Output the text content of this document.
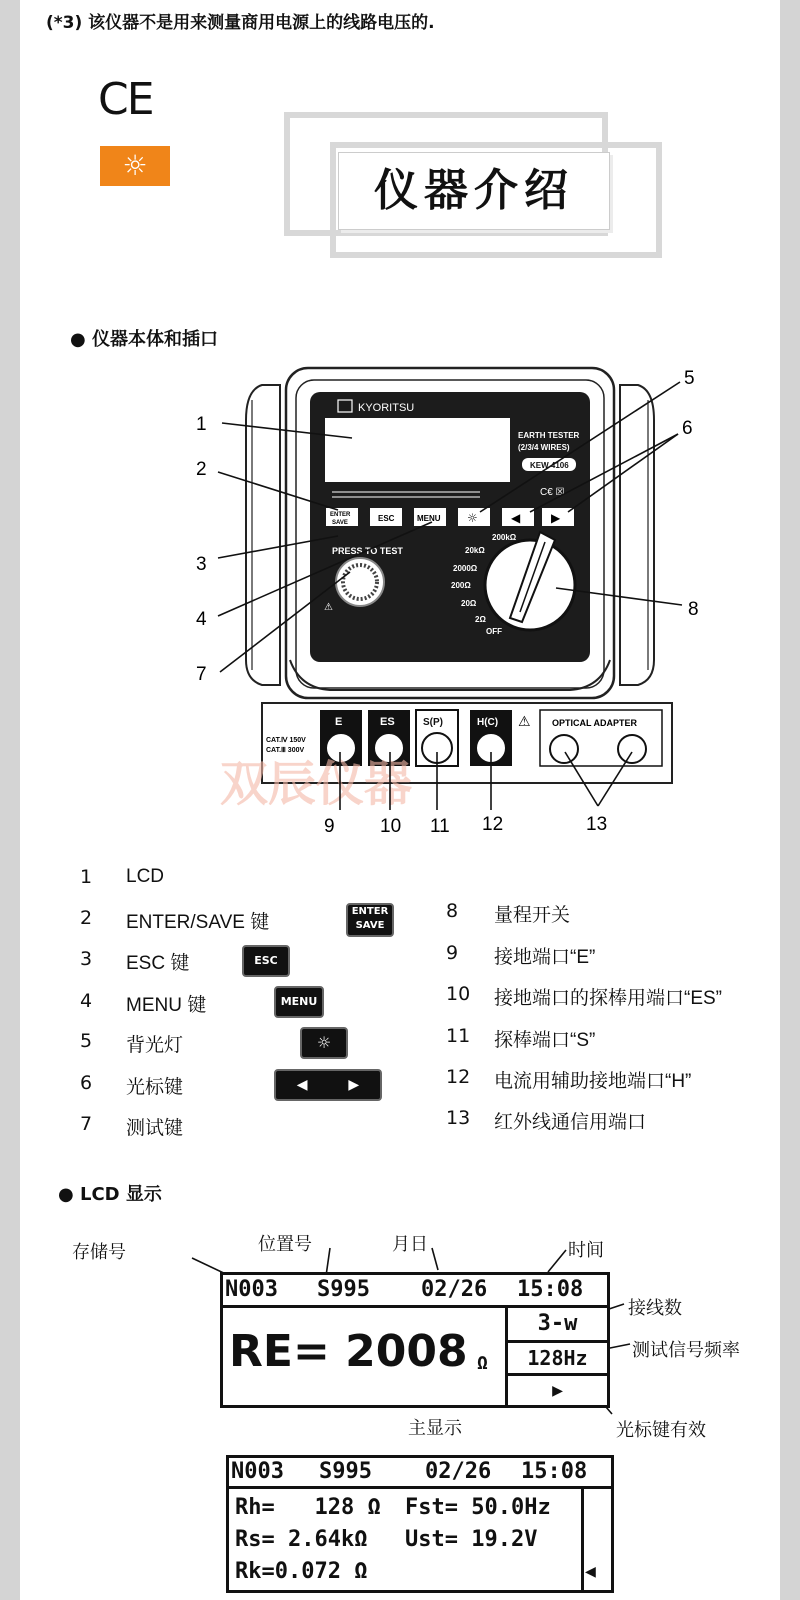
(*3) 该仪器不是用来测量商用电源上的线路电压的.
CE
☼	仪器介绍
● 仪器本体和插口
KYORITSU
EARTH TESTER
(2/3/4 WIRES)
KEW 4106
C€ ☒
ENTER
SAVE	ESC	MENU ☼	◀	▶
PRESS TO TEST
⚠
200kΩ
20kΩ
2000Ω
200Ω
20Ω
2Ω
OFF
CAT.Ⅳ 150V
CAT.Ⅲ 300V
E	ES	S(P)	H(C) ⚠ OPTICAL ADAPTER
双辰仪器
1
2
3
4
5
6
7
8
9 10 11 12	13
1	LCD
2	ENTER/SAVE 键
3	ESC 键
4	MENU 键
5	背光灯
6	光标键
7	测试键
ENTER SAVE
ESC
MENU
☼
◀ ▶
8	量程开关
9	接地端口“E”
10	接地端口的探棒用端口“ES”
11	探棒端口“S”
12	电流用辅助接地端口“H”
13	红外线通信用端口
● LCD 显示
存储号	位置号	月日	时间
接线数
测试信号频率
主显示	光标键有效
N003 S995 02/26 15:08
RE= 2008 Ω
3-w
128Hz
▶
N003 S995 02/26 15:08
Rh=   128 Ω Fst= 50.0Hz
Rs= 2.64kΩ Ust= 19.2V
Rk=0.072 Ω	◀
